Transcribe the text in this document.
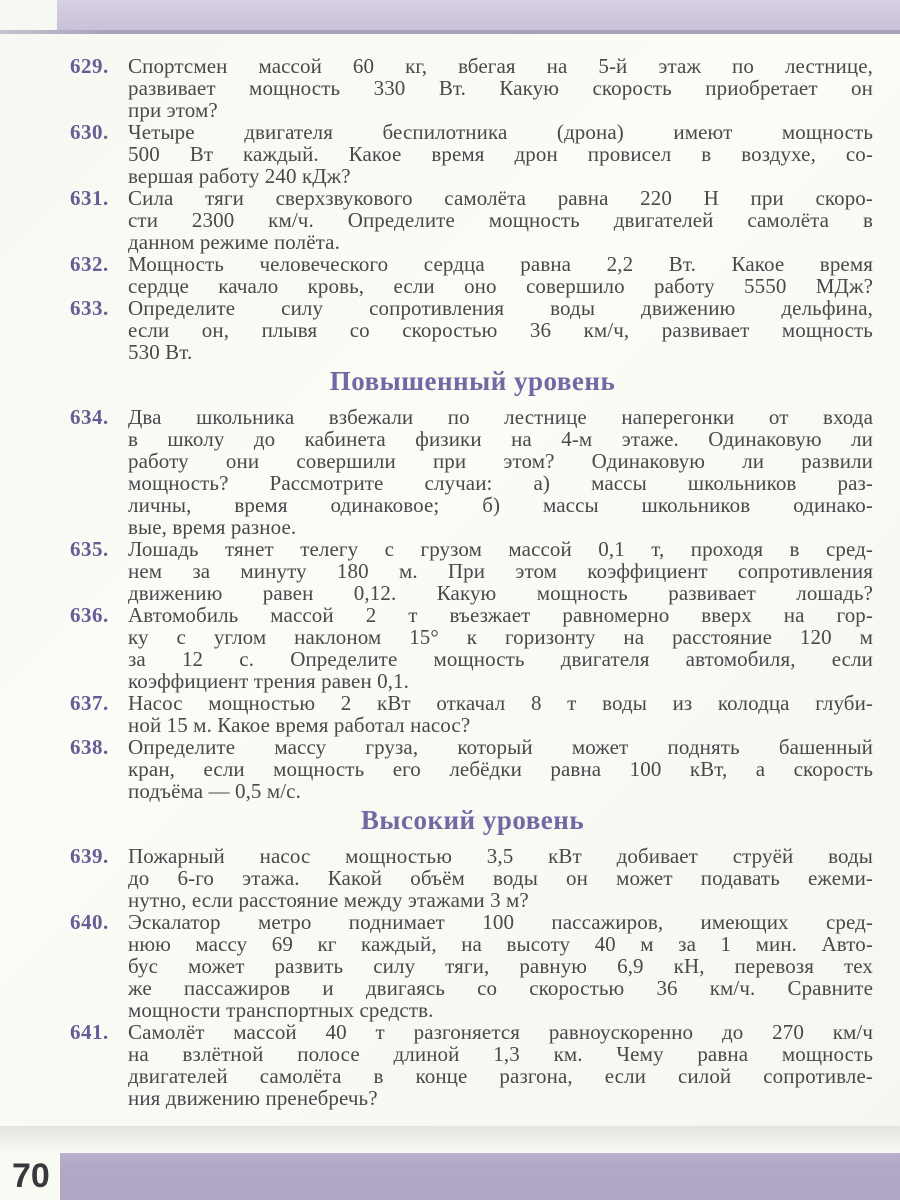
629. Спортсмен массой 60 кг, вбегая на 5-й этаж по лестнице,
развивает мощность 330 Вт. Какую скорость приобретает он
при этом?
630. Четыре двигателя беспилотника (дрона) имеют мощность
500 Вт каждый. Какое время дрон провисел в воздухе, со-
вершая работу 240 кДж?
631. Сила тяги сверхзвукового самолёта равна 220 Н при скоро-
сти 2300 км/ч. Определите мощность двигателей самолёта в
данном режиме полёта.
632. Мощность человеческого сердца равна 2,2 Вт. Какое время
сердце качало кровь, если оно совершило работу 5550 МДж?
633. Определите силу сопротивления воды движению дельфина,
если он, плывя со скоростью 36 км/ч, развивает мощность
530 Вт.
Повышенный уровень
634. Два школьника взбежали по лестнице наперегонки от входа
в школу до кабинета физики на 4-м этаже. Одинаковую ли
работу они совершили при этом? Одинаковую ли развили
мощность? Рассмотрите случаи: а) массы школьников раз-
личны, время одинаковое; б) массы школьников одинако-
вые, время разное.
635. Лошадь тянет телегу с грузом массой 0,1 т, проходя в сред-
нем за минуту 180 м. При этом коэффициент сопротивления
движению равен 0,12. Какую мощность развивает лошадь?
636. Автомобиль массой 2 т въезжает равномерно вверх на гор-
ку с углом наклоном 15° к горизонту на расстояние 120 м
за 12 с. Определите мощность двигателя автомобиля, если
коэффициент трения равен 0,1.
637. Насос мощностью 2 кВт откачал 8 т воды из колодца глуби-
ной 15 м. Какое время работал насос?
638. Определите массу груза, который может поднять башенный
кран, если мощность его лебёдки равна 100 кВт, а скорость
подъёма — 0,5 м/с.
Высокий уровень
639. Пожарный насос мощностью 3,5 кВт добивает струёй воды
до 6-го этажа. Какой объём воды он может подавать ежеми-
нутно, если расстояние между этажами 3 м?
640. Эскалатор метро поднимает 100 пассажиров, имеющих сред-
нюю массу 69 кг каждый, на высоту 40 м за 1 мин. Авто-
бус может развить силу тяги, равную 6,9 кН, перевозя тех
же пассажиров и двигаясь со скоростью 36 км/ч. Сравните
мощности транспортных средств.
641. Самолёт массой 40 т разгоняется равноускоренно до 270 км/ч
на взлётной полосе длиной 1,3 км. Чему равна мощность
двигателей самолёта в конце разгона, если силой сопротивле-
ния движению пренебречь?
70
